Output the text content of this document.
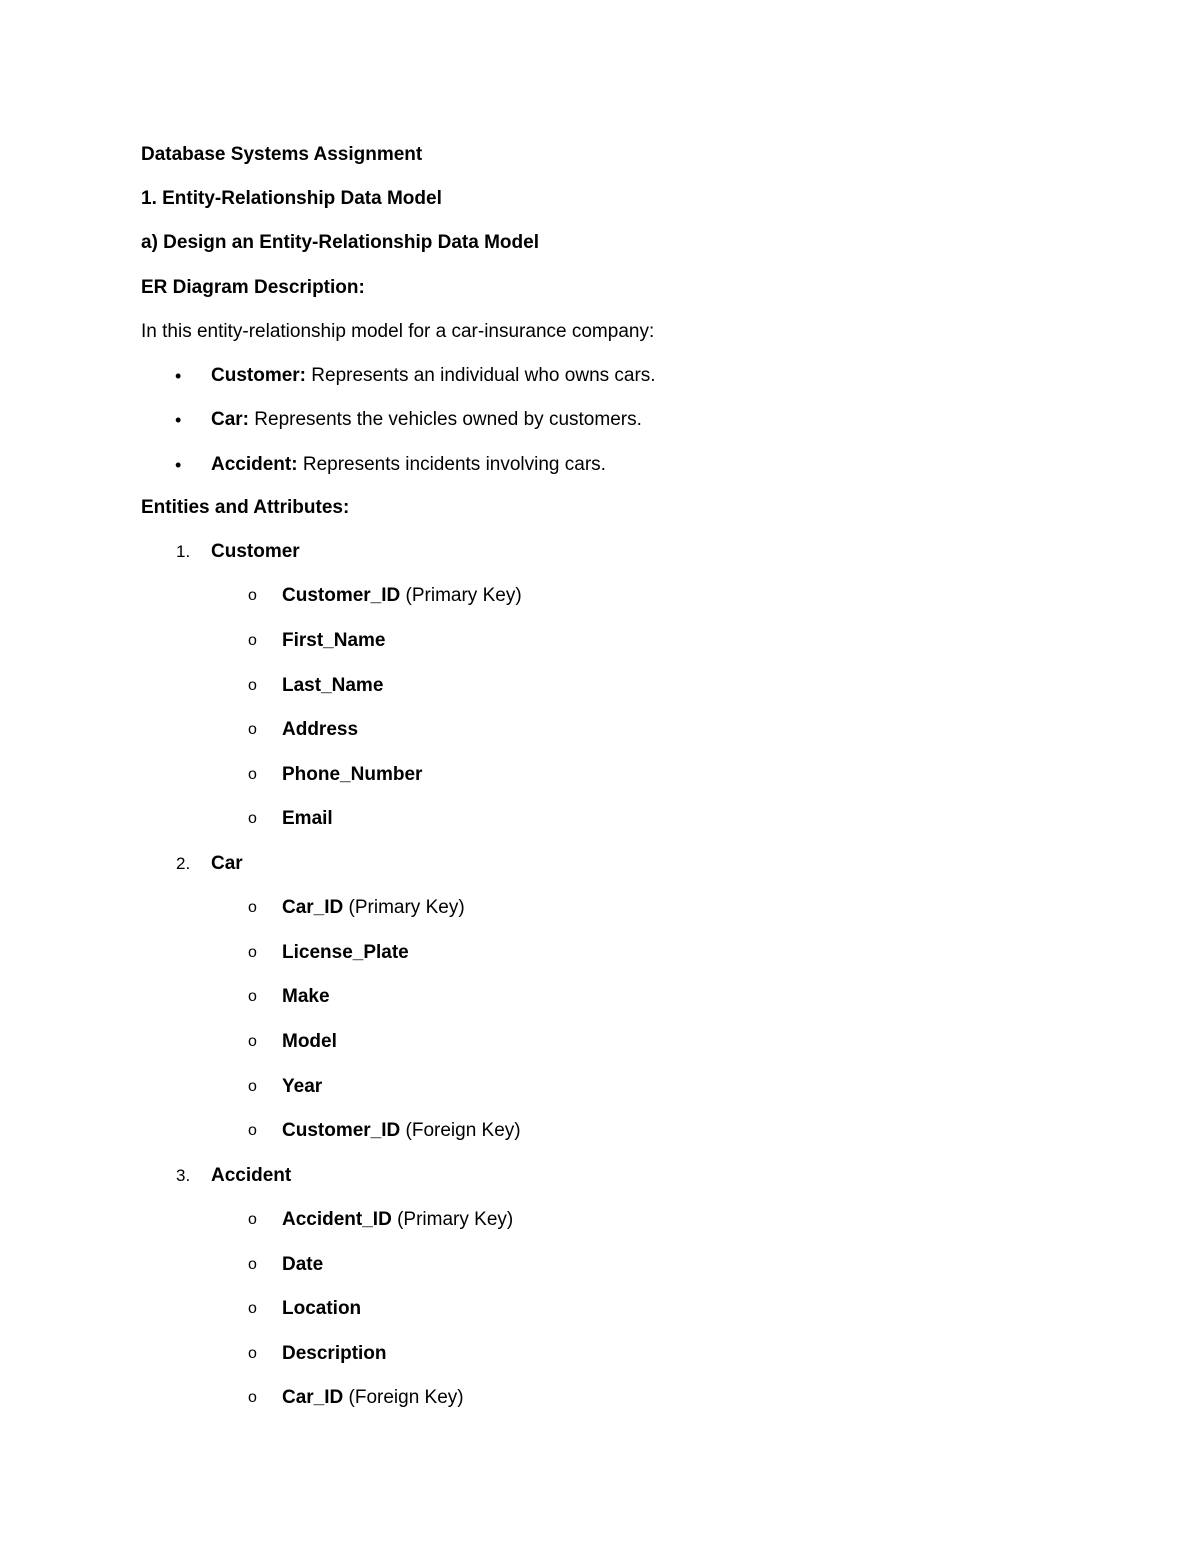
Database Systems Assignment
1. Entity-Relationship Data Model
a) Design an Entity-Relationship Data Model
ER Diagram Description:
In this entity-relationship model for a car-insurance company:
•	Customer: Represents an individual who owns cars.
•	Car: Represents the vehicles owned by customers.
•	Accident: Represents incidents involving cars.
Entities and Attributes:
1.	Customer
o	Customer_ID (Primary Key)
o	First_Name
o	Last_Name
o	Address
o	Phone_Number
o	Email
2.	Car
o	Car_ID (Primary Key)
o	License_Plate
o	Make
o	Model
o	Year
o	Customer_ID (Foreign Key)
3.	Accident
o	Accident_ID (Primary Key)
o	Date
o	Location
o	Description
o	Car_ID (Foreign Key)
